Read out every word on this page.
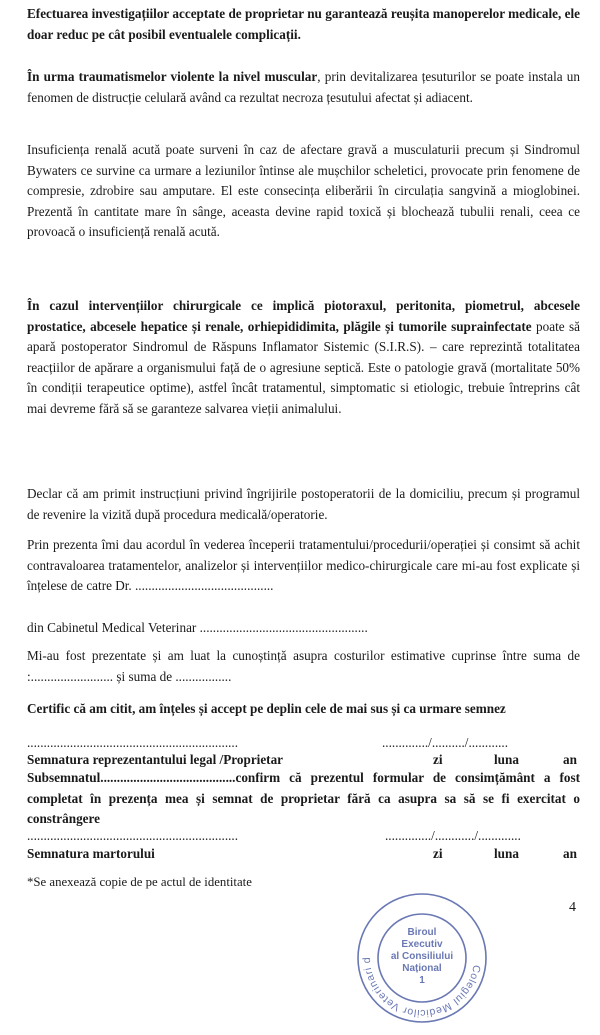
Efectuarea investigațiilor acceptate de proprietar nu garantează reușita manoperelor medicale, ele doar reduc pe cât posibil eventualele complicații.

În urma traumatismelor violente la nivel muscular, prin devitalizarea țesuturilor se poate instala un fenomen de distrucție celulară având ca rezultat necroza țesutului afectat și adiacent.

Insuficiența renală acută poate surveni în caz de afectare gravă a musculaturii precum și Sindromul Bywaters ce survine ca urmare a leziunilor întinse ale mușchilor scheletici, provocate prin fenomene de compresie, zdrobire sau amputare. El este consecința eliberării în circulația sangvină a mioglobinei. Prezentă în cantitate mare în sânge, aceasta devine rapid toxică și blochează tubulii renali, ceea ce provoacă o insuficiență renală acută.

În cazul intervențiilor chirurgicale ce implică piotoraxul, peritonita, piometrul, abcesele prostatice, abcesele hepatice și renale, orhiepididimita, plăgile și tumorile suprainfectate poate să apară postoperator Sindromul de Răspuns Inflamator Sistemic (S.I.R.S). – care reprezintă totalitatea reacțiilor de apărare a organismului față de o agresiune septică. Este o patologie gravă (mortalitate 50% în condiții terapeutice optime), astfel încât tratamentul, simptomatic si etiologic, trebuie întreprins cât mai devreme fără să se garanteze salvarea vieții animalului.

Declar că am primit instrucțiuni privind îngrijirile postoperatorii de la domiciliu, precum și programul de revenire la vizită după procedura medicală/operatorie.

Prin prezenta îmi dau acordul în vederea începerii tratamentului/procedurii/operației și consimt să achit contravaloarea tratamentelor, analizelor și intervențiilor medico-chirurgicale care mi-au fost explicate și înțelese de catre Dr. ..........................................

din Cabinetul Medical Veterinar ...................................................

Mi-au fost prezentate și am luat la cunoștință asupra costurilor estimative cuprinse între suma de :......................... și suma de .................

Certific că am citit, am înțeles și accept pe deplin cele de mai sus și ca urmare semnez

................................................................	............../........../............
Semnatura reprezentantului legal /Proprietar	zi	luna	an

Subsemnatul.........................................confirm că prezentul formular de consimțământ a fost completat în prezența mea și semnat de proprietar fără ca asupra sa să se fi exercitat o constrângere

................................................................	............../............/.............
Semnatura martorului	zi	luna	an
*Se anexează copie de pe actul de identitate
4
Colegiul Medicilor Veterinari d
Biroul
Executiv
al Consiliului
Național
1
